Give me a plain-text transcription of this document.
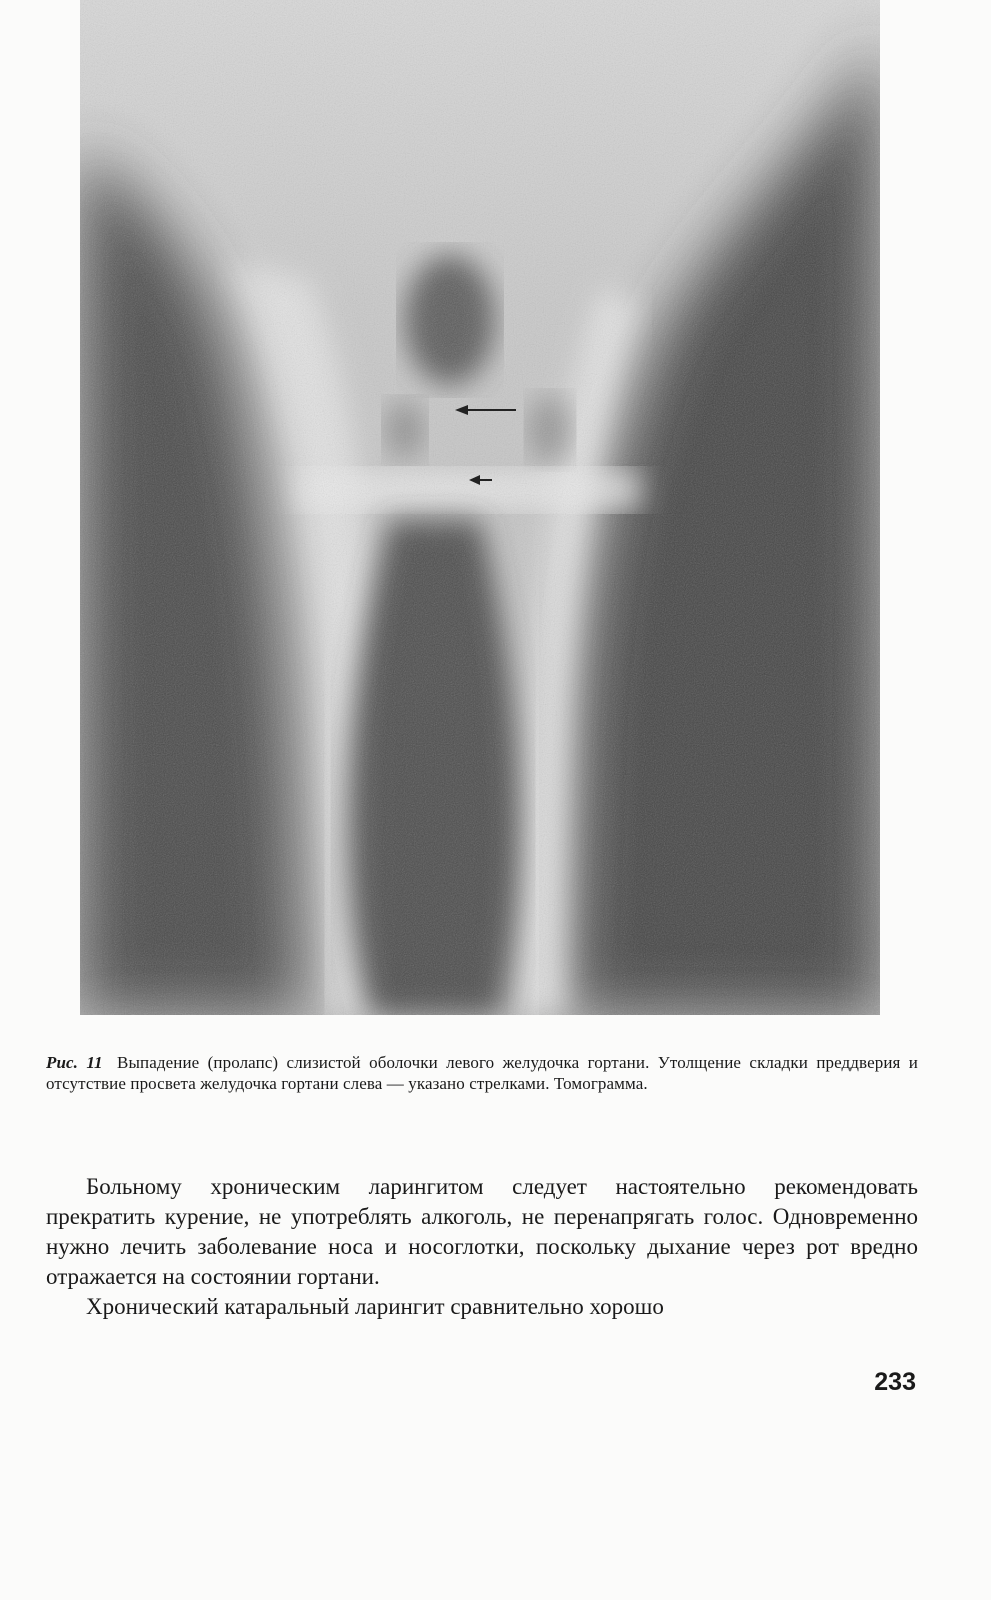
Рис. 11 Выпадение (пролапс) слизистой оболочки левого желудочка гортани. Утолщение складки преддверия и отсутствие просвета желудочка гортани слева — указано стрелками. Томограмма.

Больному хроническим ларингитом следует настоятельно рекомендовать прекратить курение, не употреблять алкоголь, не перенапрягать голос. Одновременно нужно лечить заболевание носа и носоглотки, поскольку дыхание через рот вредно отражается на состоянии гортани.

Хронический катаральный ларингит сравнительно хорошо

233
